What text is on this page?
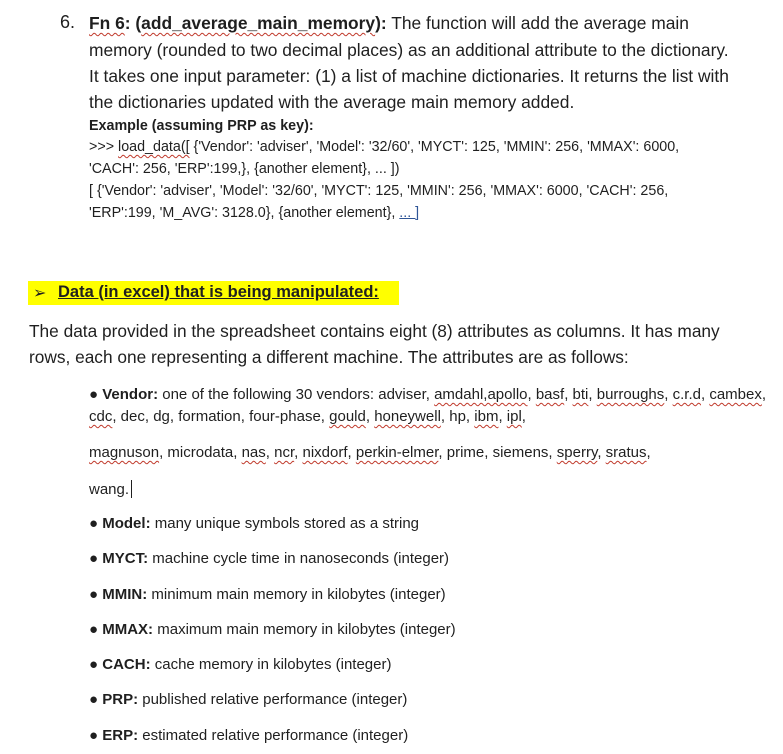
6. Fn 6: (add_average_main_memory): The function will add the average main
memory (rounded to two decimal places) as an additional attribute to the dictionary.
It takes one input parameter: (1) a list of machine dictionaries. It returns the list with
the dictionaries updated with the average main memory added.
Example (assuming PRP as key):
>>> load_data([ {'Vendor': 'adviser', 'Model': '32/60', 'MYCT': 125, 'MMIN': 256, 'MMAX': 6000,
'CACH': 256, 'ERP':199,}, {another element}, ... ])
[ {'Vendor': 'adviser', 'Model': '32/60', 'MYCT': 125, 'MMIN': 256, 'MMAX': 6000, 'CACH': 256,
'ERP':199, 'M_AVG': 3128.0}, {another element}, ... ]
➢ Data (in excel) that is being manipulated:
The data provided in the spreadsheet contains eight (8) attributes as columns. It has many
rows, each one representing a different machine. The attributes are as follows:
● Vendor: one of the following 30 vendors: adviser, amdahl,apollo, basf, bti, burroughs, c.r.d, cambex,
cdc, dec, dg, formation, four-phase, gould, honeywell, hp, ibm, ipl,
magnuson, microdata, nas, ncr, nixdorf, perkin-elmer, prime, siemens, sperry, sratus,
wang.
● Model: many unique symbols stored as a string
● MYCT: machine cycle time in nanoseconds (integer)
● MMIN: minimum main memory in kilobytes (integer)
● MMAX: maximum main memory in kilobytes (integer)
● CACH: cache memory in kilobytes (integer)
● PRP: published relative performance (integer)
● ERP: estimated relative performance (integer)
